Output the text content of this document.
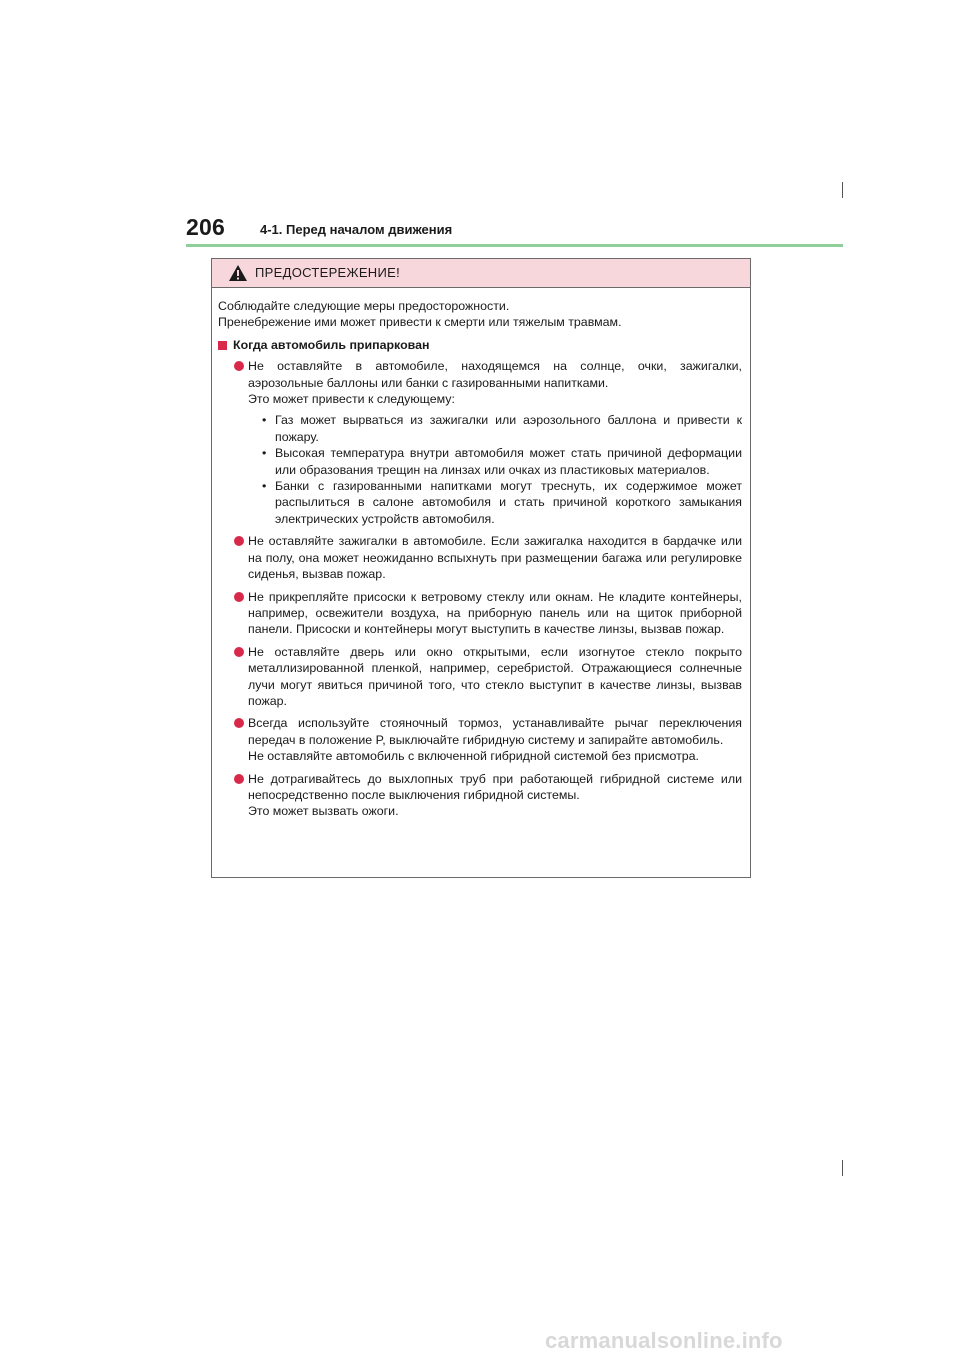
206	4-1. Перед началом движения
ПРЕДОСТЕРЕЖЕНИЕ!

Соблюдайте следующие меры предосторожности.

Пренебрежение ими может привести к смерти или тяжелым травмам.

Когда автомобиль припаркован
Не оставляйте в автомобиле, находящемся на солнце, очки, зажигалки, аэрозольные баллоны или банки с газированными напитками.
Это может привести к следующему:
• Газ может вырваться из зажигалки или аэрозольного баллона и привести к пожару.
• Высокая температура внутри автомобиля может стать причиной деформации или образования трещин на линзах или очках из пластиковых материалов.
• Банки с газированными напитками могут треснуть, их содержимое может распылиться в салоне автомобиля и стать причиной короткого замыкания электрических устройств автомобиля.
Не оставляйте зажигалки в автомобиле. Если зажигалка находится в бардачке или на полу, она может неожиданно вспыхнуть при размещении багажа или регулировке сиденья, вызвав пожар.
Не прикрепляйте присоски к ветровому стеклу или окнам. Не кладите контейнеры, например, освежители воздуха, на приборную панель или на щиток приборной панели. Присоски и контейнеры могут выступить в качестве линзы, вызвав пожар.
Не оставляйте дверь или окно открытыми, если изогнутое стекло покрыто металлизированной пленкой, например, серебристой. Отражающиеся солнечные лучи могут явиться причиной того, что стекло выступит в качестве линзы, вызвав пожар.
Всегда используйте стояночный тормоз, устанавливайте рычаг переключения передач в положение P, выключайте гибридную систему и запирайте автомобиль.
Не оставляйте автомобиль с включенной гибридной системой без присмотра.
Не дотрагивайтесь до выхлопных труб при работающей гибридной системе или непосредственно после выключения гибридной системы.
Это может вызвать ожоги.
carmanualsonline.info
